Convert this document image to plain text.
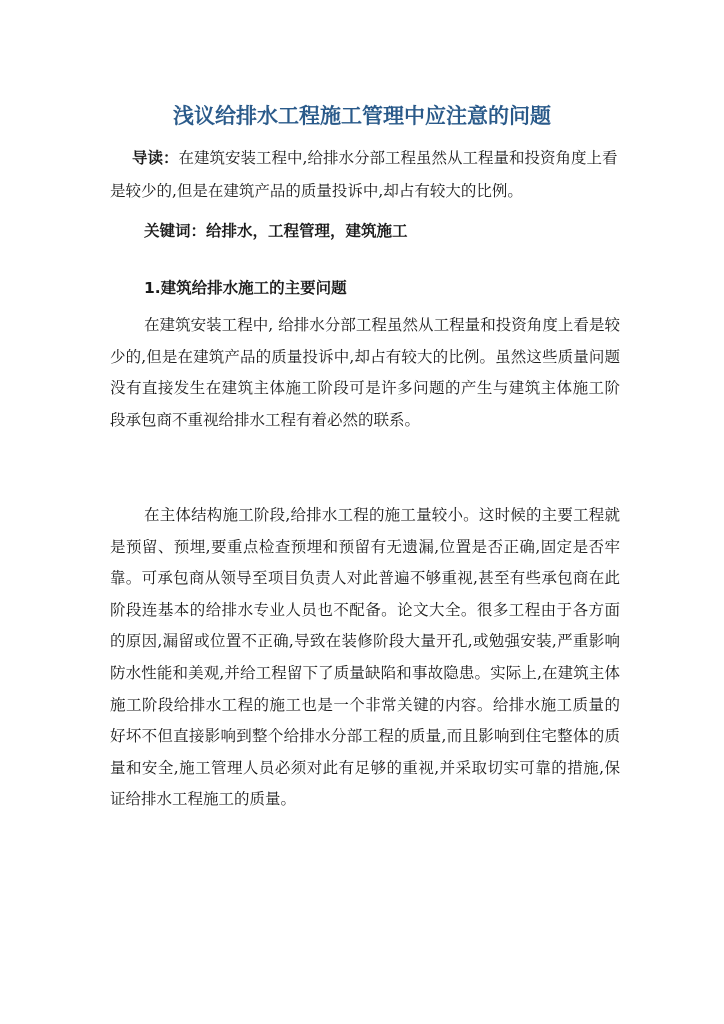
浅议给排水工程施工管理中应注意的问题
导读：在建筑安装工程中,给排水分部工程虽然从工程量和投资角度上看是较少的,但是在建筑产品的质量投诉中,却占有较大的比例。
关键词：给排水，工程管理，建筑施工
1.建筑给排水施工的主要问题
在建筑安装工程中, 给排水分部工程虽然从工程量和投资角度上看是较少的,但是在建筑产品的质量投诉中,却占有较大的比例。虽然这些质量问题没有直接发生在建筑主体施工阶段可是许多问题的产生与建筑主体施工阶段承包商不重视给排水工程有着必然的联系。
在主体结构施工阶段,给排水工程的施工量较小。这时候的主要工程就是预留、预埋,要重点检查预埋和预留有无遗漏,位置是否正确,固定是否牢靠。可承包商从领导至项目负责人对此普遍不够重视,甚至有些承包商在此阶段连基本的给排水专业人员也不配备。论文大全。很多工程由于各方面的原因,漏留或位置不正确,导致在装修阶段大量开孔,或勉强安装,严重影响防水性能和美观,并给工程留下了质量缺陷和事故隐患。实际上,在建筑主体施工阶段给排水工程的施工也是一个非常关键的内容。给排水施工质量的好坏不但直接影响到整个给排水分部工程的质量,而且影响到住宅整体的质量和安全,施工管理人员必须对此有足够的重视,并采取切实可靠的措施,保证给排水工程施工的质量。
